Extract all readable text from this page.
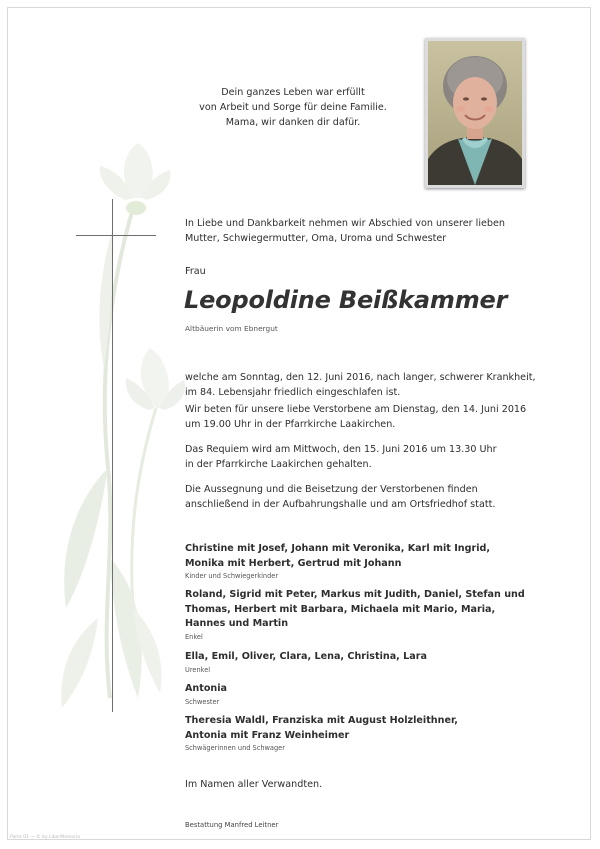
Dein ganzes Leben war erfüllt
von Arbeit und Sorge für deine Familie.
Mama, wir danken dir dafür.
In Liebe und Dankbarkeit nehmen wir Abschied von unserer lieben
Mutter, Schwiegermutter, Oma, Uroma und Schwester
Frau
Leopoldine Beißkammer
Altbäuerin vom Ebnergut
welche am Sonntag, den 12. Juni 2016, nach langer, schwerer Krankheit,
im 84. Lebensjahr friedlich eingeschlafen ist.
Wir beten für unsere liebe Verstorbene am Dienstag, den 14. Juni 2016
um 19.00 Uhr in der Pfarrkirche Laakirchen.
Das Requiem wird am Mittwoch, den 15. Juni 2016 um 13.30 Uhr
in der Pfarrkirche Laakirchen gehalten.
Die Aussegnung und die Beisetzung der Verstorbenen finden
anschließend in der Aufbahrungshalle und am Ortsfriedhof statt.
Christine mit Josef, Johann mit Veronika, Karl mit Ingrid,
Monika mit Herbert, Gertrud mit Johann
Kinder und Schwiegerkinder
Roland, Sigrid mit Peter, Markus mit Judith, Daniel, Stefan und
Thomas, Herbert mit Barbara, Michaela mit Mario, Maria,
Hannes und Martin
Enkel
Ella, Emil, Oliver, Clara, Lena, Christina, Lara
Urenkel
Antonia
Schwester
Theresia Waldl, Franziska mit August Holzleithner,
Antonia mit Franz Weinheimer
Schwägerinnen und Schwager
Im Namen aller Verwandten.
Bestattung Manfred Leitner
Parte 01 — © by LiberMemoria
